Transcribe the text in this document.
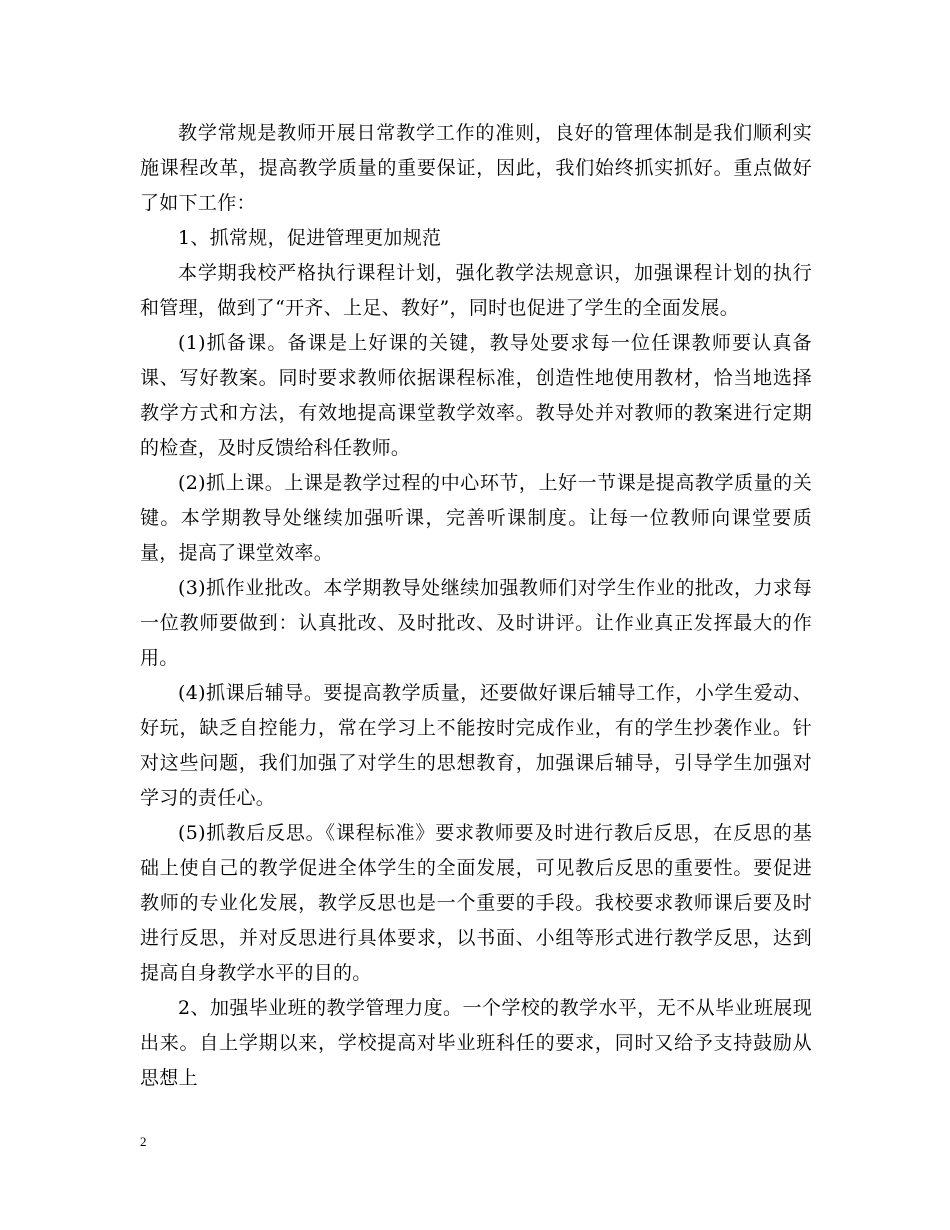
教学常规是教师开展日常教学工作的准则，良好的管理体制是我们顺利实施课程改革，提高教学质量的重要保证，因此，我们始终抓实抓好。重点做好了如下工作：

1、抓常规，促进管理更加规范

本学期我校严格执行课程计划，强化教学法规意识，加强课程计划的执行和管理，做到了“开齐、上足、教好”，同时也促进了学生的全面发展。

(1)抓备课。备课是上好课的关键，教导处要求每一位任课教师要认真备课、写好教案。同时要求教师依据课程标准，创造性地使用教材，恰当地选择教学方式和方法，有效地提高课堂教学效率。教导处并对教师的教案进行定期的检查，及时反馈给科任教师。

(2)抓上课。上课是教学过程的中心环节，上好一节课是提高教学质量的关键。本学期教导处继续加强听课，完善听课制度。让每一位教师向课堂要质量，提高了课堂效率。

(3)抓作业批改。本学期教导处继续加强教师们对学生作业的批改，力求每一位教师要做到：认真批改、及时批改、及时讲评。让作业真正发挥最大的作用。

(4)抓课后辅导。要提高教学质量，还要做好课后辅导工作，小学生爱动、好玩，缺乏自控能力，常在学习上不能按时完成作业，有的学生抄袭作业。针对这些问题，我们加强了对学生的思想教育，加强课后辅导，引导学生加强对学习的责任心。

(5)抓教后反思。《课程标准》要求教师要及时进行教后反思，在反思的基础上使自己的教学促进全体学生的全面发展，可见教后反思的重要性。要促进教师的专业化发展，教学反思也是一个重要的手段。我校要求教师课后要及时进行反思，并对反思进行具体要求，以书面、小组等形式进行教学反思，达到提高自身教学水平的目的。

2、加强毕业班的教学管理力度。一个学校的教学水平，无不从毕业班展现出来。自上学期以来，学校提高对毕业班科任的要求，同时又给予支持鼓励从思想上

2
